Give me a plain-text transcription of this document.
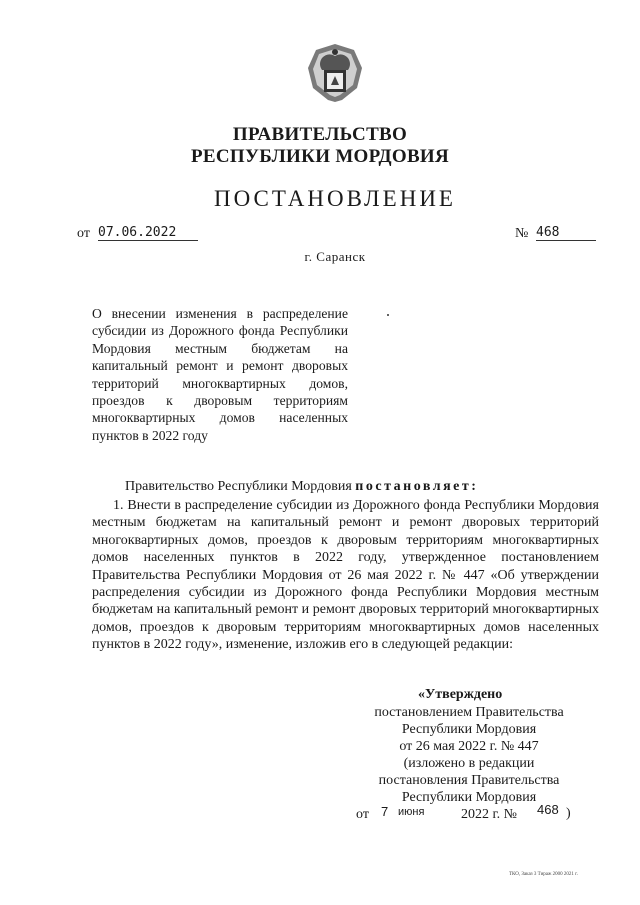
ПРАВИТЕЛЬСТВО
РЕСПУБЛИКИ МОРДОВИЯ
ПОСТАНОВЛЕНИЕ
от 07.06.2022	№ 468
г. Саранск
О внесении изменения в распределение субсидии из Дорожного фонда Республики Мордовия местным бюджетам на капитальный ремонт и ремонт дворовых территорий многоквартирных домов, проездов к дворовым территориям многоквартирных домов населенных пунктов в 2022 году
Правительство Республики Мордовия постановляет:
1. Внести в распределение субсидии из Дорожного фонда Республики Мордовия местным бюджетам на капитальный ремонт и ремонт дворовых территорий многоквартирных домов, проездов к дворовым территориям многоквартирных домов населенных пунктов в 2022 году, утвержденное постановлением Правительства Республики Мордовия от 26 мая 2022 г. № 447 «Об утверждении распределения субсидии из Дорожного фонда Республики Мордовия местным бюджетам на капитальный ремонт и ремонт дворовых территорий многоквартирных домов, проездов к дворовым территориям многоквартирных домов населенных пунктов в 2022 году», изменение, изложив его в следующей редакции:
«Утверждено
постановлением Правительства
Республики Мордовия
от 26 мая 2022 г. № 447
(изложено в редакции
постановления Правительства
Республики Мордовия
от 7 июня	2022 г. № 468 )
ТКО, Заказ 3 Тираж 2000 2021 г.
